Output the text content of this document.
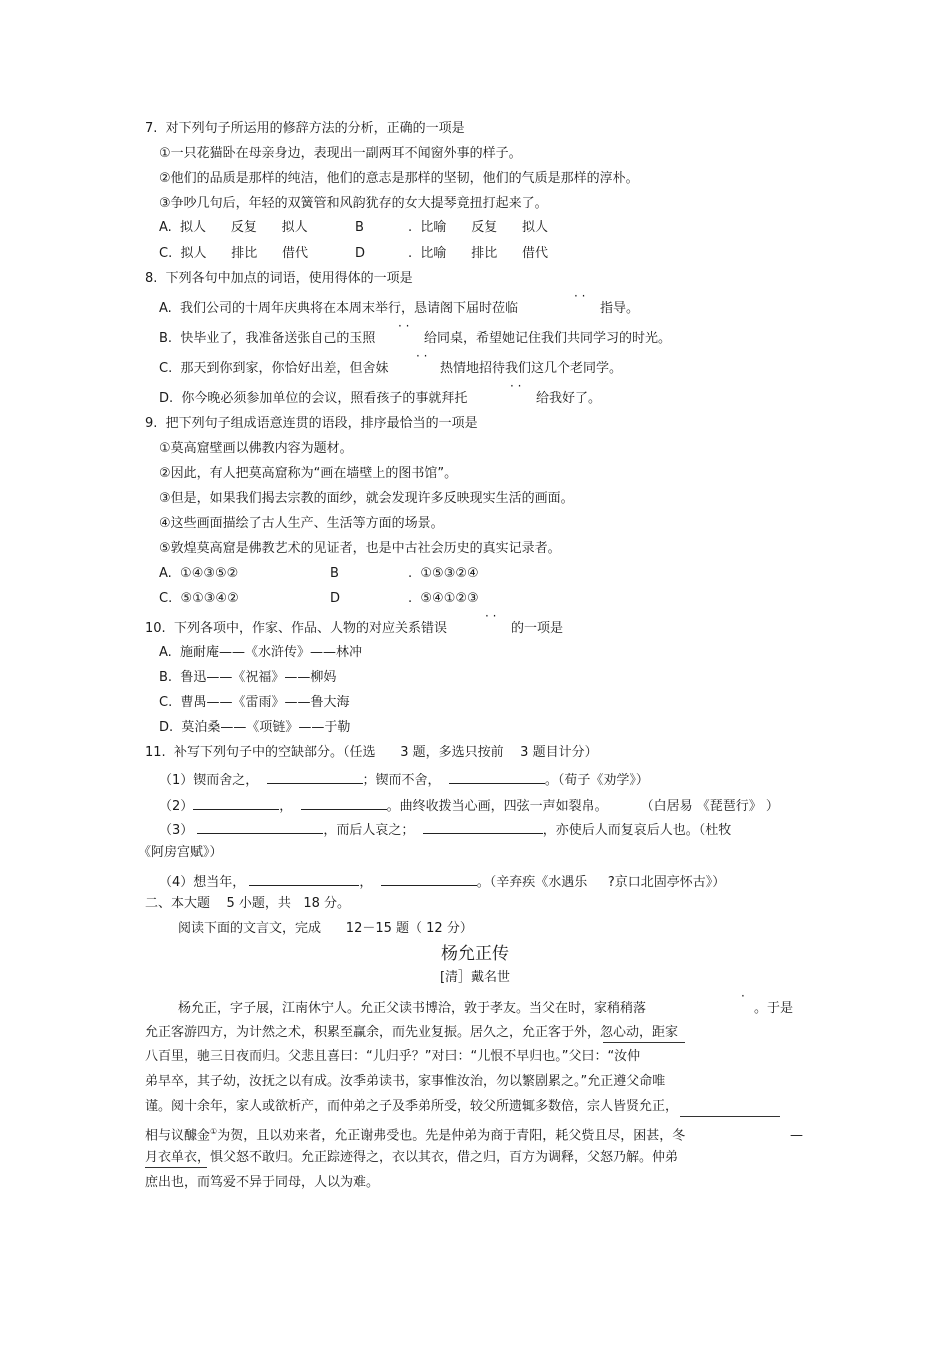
7.  对下列句子所运用的修辞方法的分析，正确的一项是
①一只花猫卧在母亲身边，表现出一副两耳不闻窗外事的样子。
②他们的品质是那样的纯洁，他们的意志是那样的坚韧，他们的气质是那样的淳朴。
③争吵几句后，年轻的双簧管和风韵犹存的女大提琴竟扭打起来了。
A.  拟人      反复      拟人	B	.  比喻      反复      拟人
C.  拟人      排比      借代	D	.  比喻      排比      借代
8.  下列各句中加点的词语，使用得体的一项是
· ·
A.  我们公司的十周年庆典将在本周末举行，恳请阁下届时莅临	指导。
· ·
B.  快毕业了，我准备送张自己的玉照	给同桌，希望她记住我们共同学习的时光。
· ·
C.  那天到你到家，你恰好出差，但舍妹	热情地招待我们这几个老同学。
· ·
D.  你今晚必须参加单位的会议，照看孩子的事就拜托	给我好了。
9.  把下列句子组成语意连贯的语段，排序最恰当的一项是
①莫高窟壁画以佛教内容为题材。
②因此，有人把莫高窟称为“画在墙壁上的图书馆”。
③但是，如果我们揭去宗教的面纱，就会发现许多反映现实生活的画面。
④这些画面描绘了古人生产、生活等方面的场景。
⑤敦煌莫高窟是佛教艺术的见证者，也是中古社会历史的真实记录者。
A.  ①④③⑤②	B	.  ①⑤③②④
C.  ⑤①③④②	D	.  ⑤④①②③
· ·
10.  下列各项中，作家、作品、人物的对应关系错误	的一项是
A.  施耐庵——《水浒传》——林冲
B.  鲁迅——《祝福》——柳妈
C.  曹禺——《雷雨》——鲁大海
D.  莫泊桑——《项链》——于勒
11.  补写下列句子中的空缺部分。（任选      3 题，多选只按前    3 题目计分）
（1）锲而舍之，	；锲而不舍，	。（荀子《劝学》）
（2）	，	。曲终收拨当心画，四弦一声如裂帛。        （白居易 《琵琶行》 ）
（3）	，而后人哀之；	，亦使后人而复哀后人也。（杜牧
《阿房宫赋》）
（4）想当年，	，	。（辛弃疾《水遇乐     ?京口北固亭怀古》）
二、本大题    5 小题，共   18 分。
阅读下面的文言文，完成      12－15 题（ 12 分）
杨允正传
[清］戴名世
·
杨允正，字子展，江南休宁人。允正父读书博洽，敦于孝友。当父在时，家稍稍落	。于是
允正客游四方，为计然之术，积累至赢余，而先业复振。居久之，允正客于外，忽心动，距家
八百里，驰三日夜而归。父悲且喜曰：“儿归乎？”对曰：“儿恨不早归也。”父曰：“汝仲
弟早卒，其子幼，汝抚之以有成。汝季弟读书，家事惟汝治，勿以繁剧累之。”允正遵父命唯
谨。阅十余年，家人或欲析产，而仲弟之子及季弟所受，较父所遗辄多数倍，宗人皆贤允正，
相与议醵金①为贺，且以劝来者，允正谢弗受也。先是仲弟为商于青阳，耗父赀且尽，困甚，冬	—
月衣单衣，惧父怒不敢归。允正踪迹得之，衣以其衣，借之归，百方为调释，父怒乃解。仲弟
庶出也，而笃爱不异于同母，人以为难。
